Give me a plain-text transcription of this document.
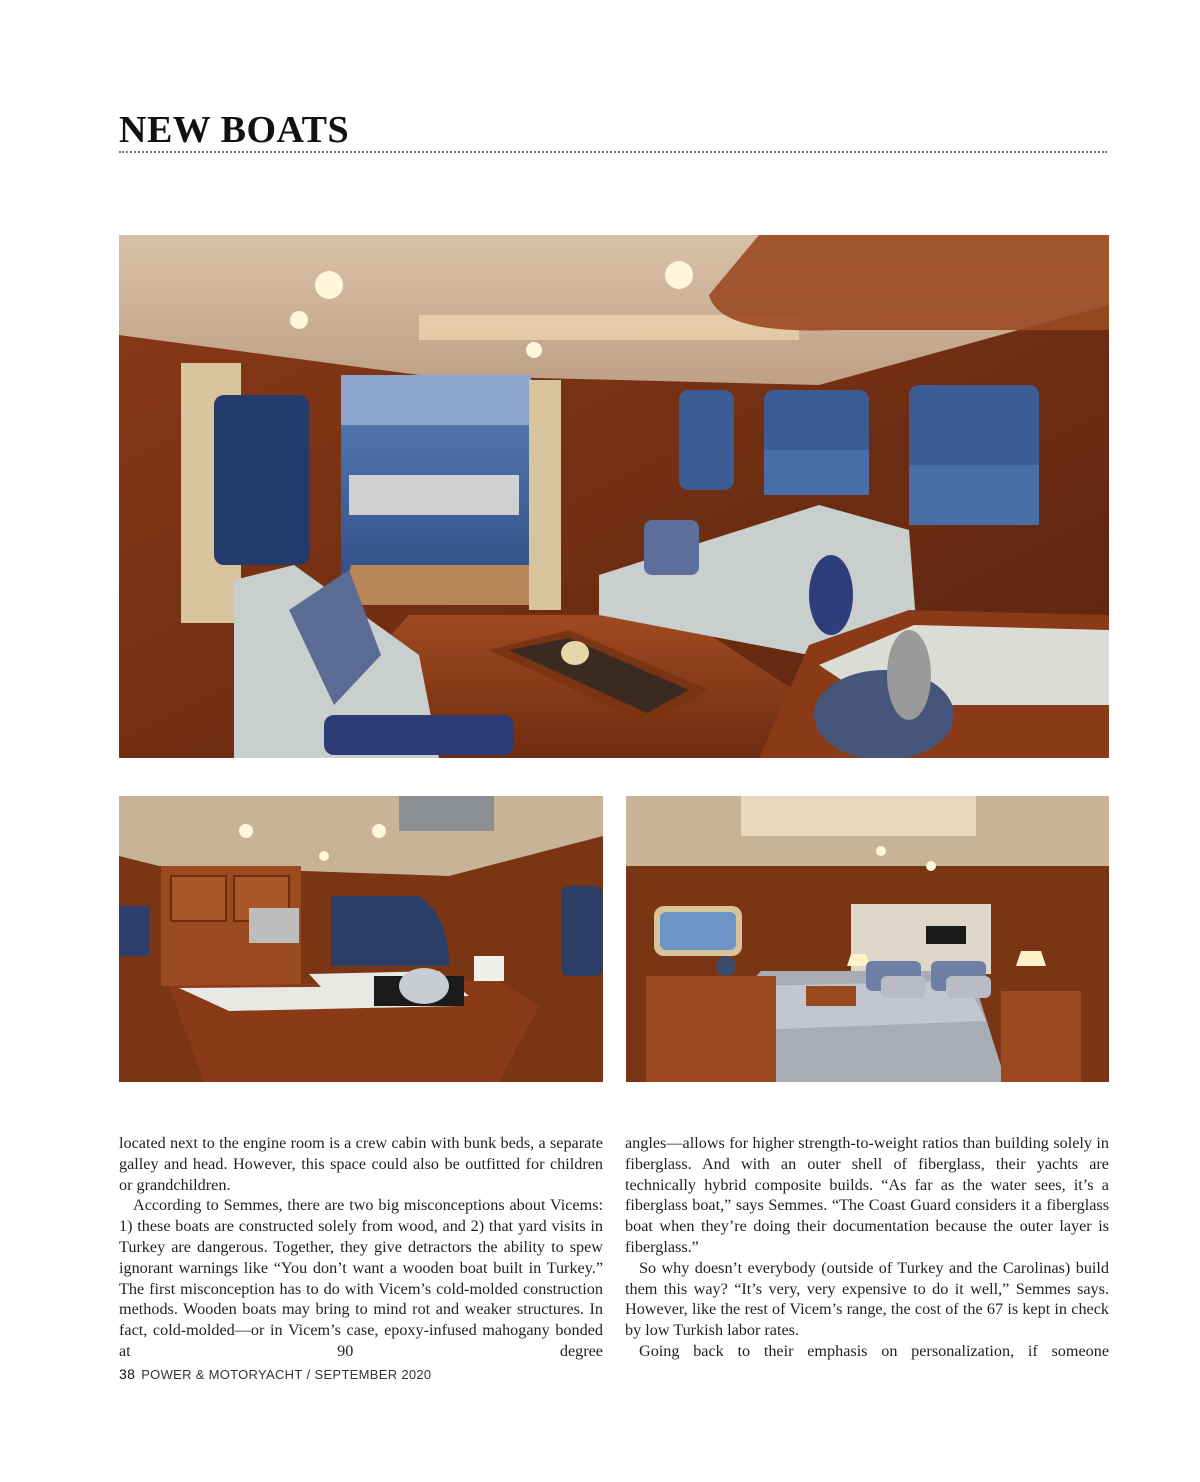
NEW BOATS

located next to the engine room is a crew cabin with bunk beds, a separate galley and head. However, this space could also be outfitted for children or grandchildren.

According to Semmes, there are two big misconceptions about Vicems: 1) these boats are constructed solely from wood, and 2) that yard visits in Turkey are dangerous. Together, they give detractors the ability to spew ignorant warnings like “You don’t want a wooden boat built in Turkey.” The first misconception has to do with Vicem’s cold-molded construction methods. Wooden boats may bring to mind rot and weaker structures. In fact, cold-molded—or in Vicem’s case, epoxy-infused mahogany bonded at 90 degree

angles—allows for higher strength-to-weight ratios than building solely in fiberglass. And with an outer shell of fiberglass, their yachts are technically hybrid composite builds. “As far as the water sees, it’s a fiberglass boat,” says Semmes. “The Coast Guard considers it a fiberglass boat when they’re doing their documentation because the outer layer is fiberglass.”

So why doesn’t everybody (outside of Turkey and the Carolinas) build them this way? “It’s very, very expensive to do it well,” Semmes says. However, like the rest of Vicem’s range, the cost of the 67 is kept in check by low Turkish labor rates.

Going back to their emphasis on personalization, if someone

38 POWER & MOTORYACHT / SEPTEMBER 2020
